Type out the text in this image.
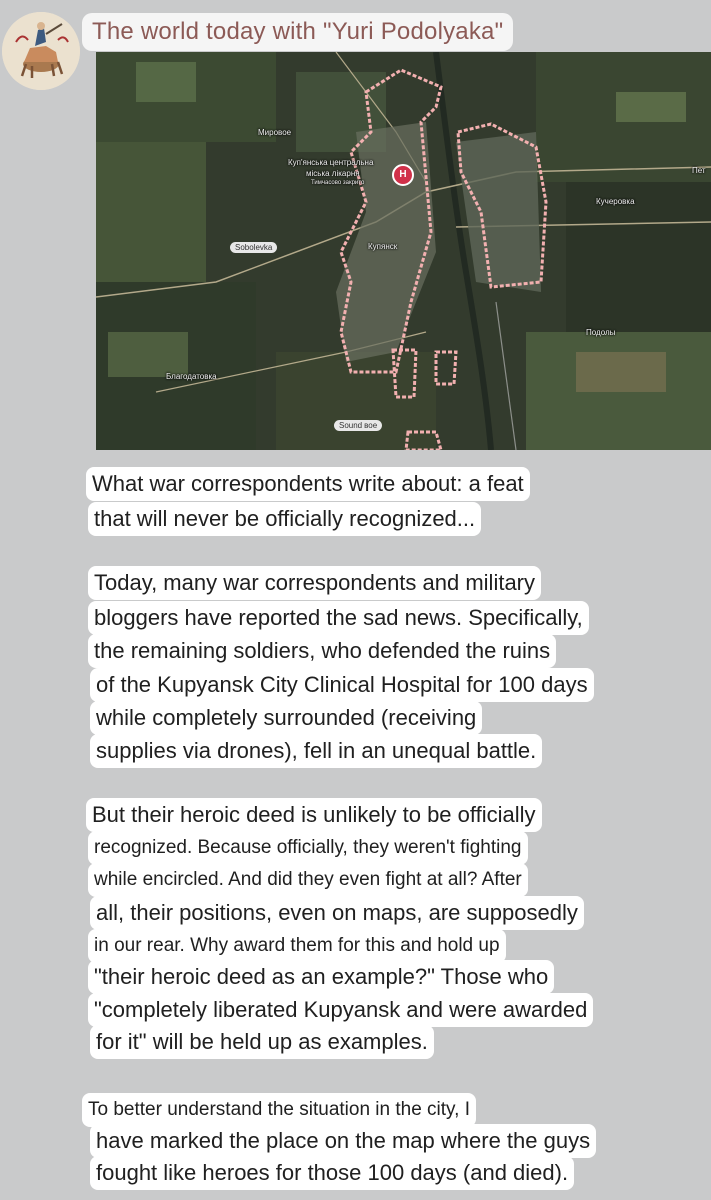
The world today with "Yuri Podolyaka"
Мировое
Куп'янська центральна
міська лікарня
Тимчасово закрито
H
Купянск
Sobolevka
Кучеровка
Пет
Подолы
Благодатовка
Sound вое
What war correspondents write about: a feat
that will never be officially recognized...
Today, many war correspondents and military
bloggers have reported the sad news. Specifically,
the remaining soldiers, who defended the ruins
of the Kupyansk City Clinical Hospital for 100 days
while completely surrounded (receiving
supplies via drones), fell in an unequal battle.
But their heroic deed is unlikely to be officially
recognized. Because officially, they weren't fighting
while encircled. And did they even fight at all? After
all, their positions, even on maps, are supposedly
in our rear. Why award them for this and hold up
"their heroic deed as an example?" Those who
"completely liberated Kupyansk and were awarded
for it" will be held up as examples.
To better understand the situation in the city, I
have marked the place on the map where the guys
fought like heroes for those 100 days (and died).
